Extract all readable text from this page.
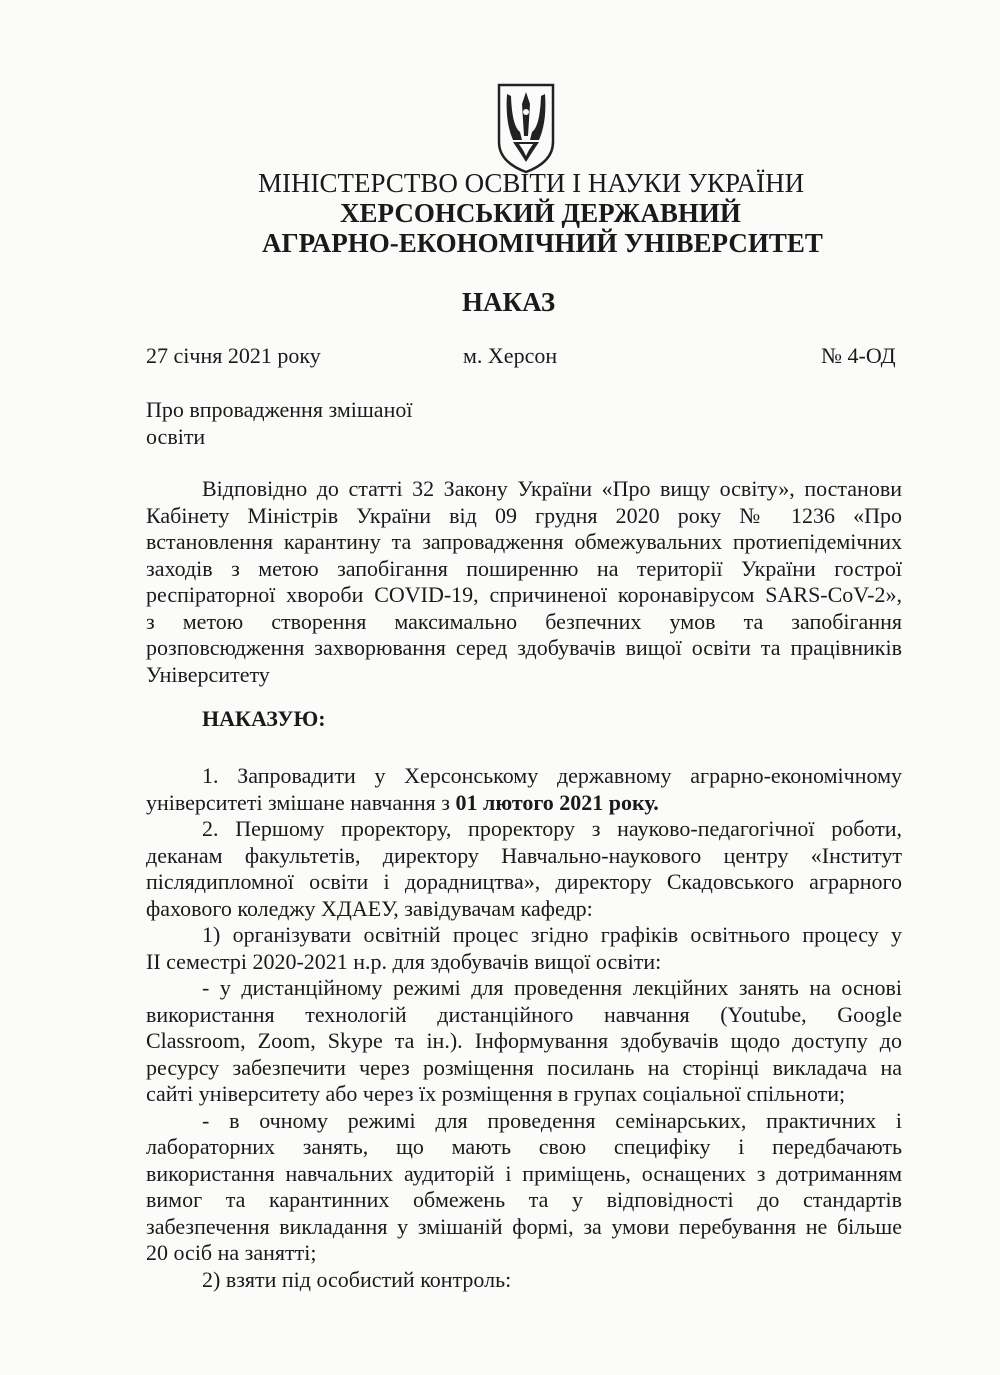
МІНІСТЕРСТВО ОСВІТИ І НАУКИ УКРАЇНИ
ХЕРСОНСЬКИЙ ДЕРЖАВНИЙ
АГРАРНО-ЕКОНОМІЧНИЙ УНІВЕРСИТЕТ
НАКАЗ
27 січня 2021 року	м. Херсон	№ 4-ОД
Про впровадження змішаної
освіти
Відповідно до статті 32 Закону України «Про вищу освіту», постанови
Кабінету Міністрів України від 09 грудня 2020 року № 1236 «Про
встановлення карантину та запровадження обмежувальних протиепідемічних
заходів з метою запобігання поширенню на території України гострої
респіраторної хвороби COVID-19, спричиненої коронавірусом SARS-CoV-2»,
з метою створення максимально безпечних умов та запобігання
розповсюдження захворювання серед здобувачів вищої освіти та працівників
Університету
НАКАЗУЮ:
1. Запровадити у Херсонському державному аграрно-економічному
університеті змішане навчання з 01 лютого 2021 року.
2. Першому проректору, проректору з науково-педагогічної роботи,
деканам факультетів, директору Навчально-наукового центру «Інститут
післядипломної освіти і дорадництва», директору Скадовського аграрного
фахового коледжу ХДАЕУ, завідувачам кафедр:
1) організувати освітній процес згідно графіків освітнього процесу у
ІІ семестрі 2020-2021 н.р. для здобувачів вищої освіти:
- у дистанційному режимі для проведення лекційних занять на основі
використання технологій дистанційного навчання (Youtube, Google
Classroom, Zoom, Skype та ін.). Інформування здобувачів щодо доступу до
ресурсу забезпечити через розміщення посилань на сторінці викладача на
сайті університету або через їх розміщення в групах соціальної спільноти;
- в очному режимі для проведення семінарських, практичних і
лабораторних занять, що мають свою специфіку і передбачають
використання навчальних аудиторій і приміщень, оснащених з дотриманням
вимог та карантинних обмежень та у відповідності до стандартів
забезпечення викладання у змішаній формі, за умови перебування не більше
20 осіб на занятті;
2) взяти під особистий контроль:
